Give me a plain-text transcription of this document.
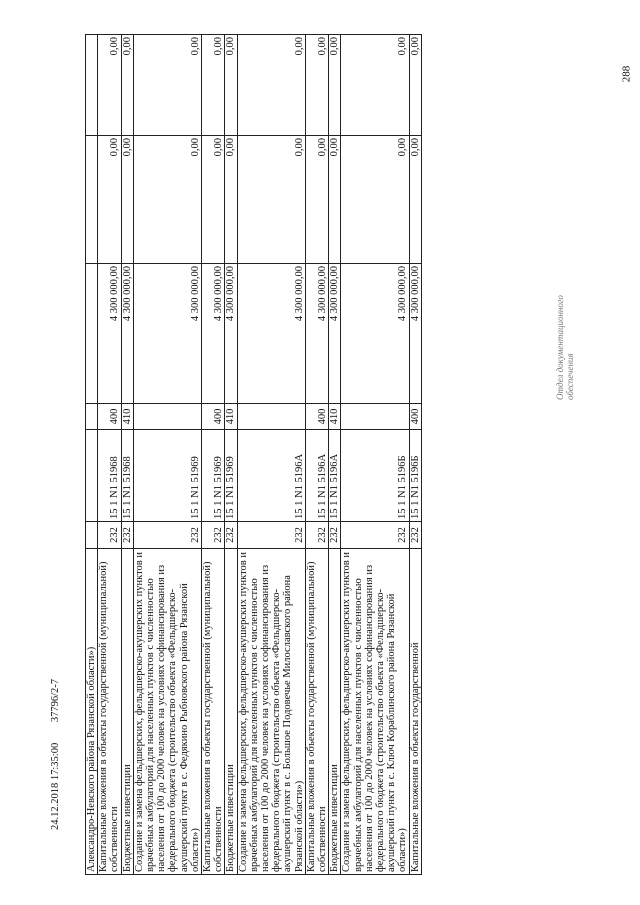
288
Отдел документационного обеспечения
24.12.2018 17:35:00 37796/2-7 Александро-Невского района Рязанской области»)						
Капитальные вложения в объекты государственной (муниципальной) собственности	232	15 1 N1 51968	400	4 300 000,00	0,00	0,00
Бюджетные инвестиции	232	15 1 N1 51968	410	4 300 000,00	0,00	0,00
Создание и замена фельдшерских, фельдшерско-акушерских пунктов и врачебных амбулаторий для населенных пунктов с численностью населения от 100 до 2000 человек на условиях софинансирования из федерального бюджета (строительство объекта «Фельдшерско-акушерский пункт в с. Федякино Рыбновского района Рязанской области»)	232	15 1 N1 51969		4 300 000,00	0,00	0,00
Капитальные вложения в объекты государственной (муниципальной) собственности	232	15 1 N1 51969	400	4 300 000,00	0,00	0,00
Бюджетные инвестиции	232	15 1 N1 51969	410	4 300 000,00	0,00	0,00
Создание и замена фельдшерских, фельдшерско-акушерских пунктов и врачебных амбулаторий для населенных пунктов с численностью населения от 100 до 2000 человек на условиях софинансирования из федерального бюджета (строительство объекта «Фельдшерско-акушерский пункт в с. Большое Подовечье Милославского района Рязанской области»)	232	15 1 N1 5196A		4 300 000,00	0,00	0,00
Капитальные вложения в объекты государственной (муниципальной) собственности	232	15 1 N1 5196A	400	4 300 000,00	0,00	0,00
Бюджетные инвестиции	232	15 1 N1 5196A	410	4 300 000,00	0,00	0,00
Создание и замена фельдшерских, фельдшерско-акушерских пунктов и врачебных амбулаторий для населенных пунктов с численностью населения от 100 до 2000 человек на условиях софинансирования из федерального бюджета (строительство объекта «Фельдшерско-акушерский пункт в с. Ключ Кораблинского района Рязанской области»)	232	15 1 N1 5196Б		4 300 000,00	0,00	0,00
Капитальные вложения в объекты государственной	232	15 1 N1 5196Б	400	4 300 000,00	0,00	0,00
